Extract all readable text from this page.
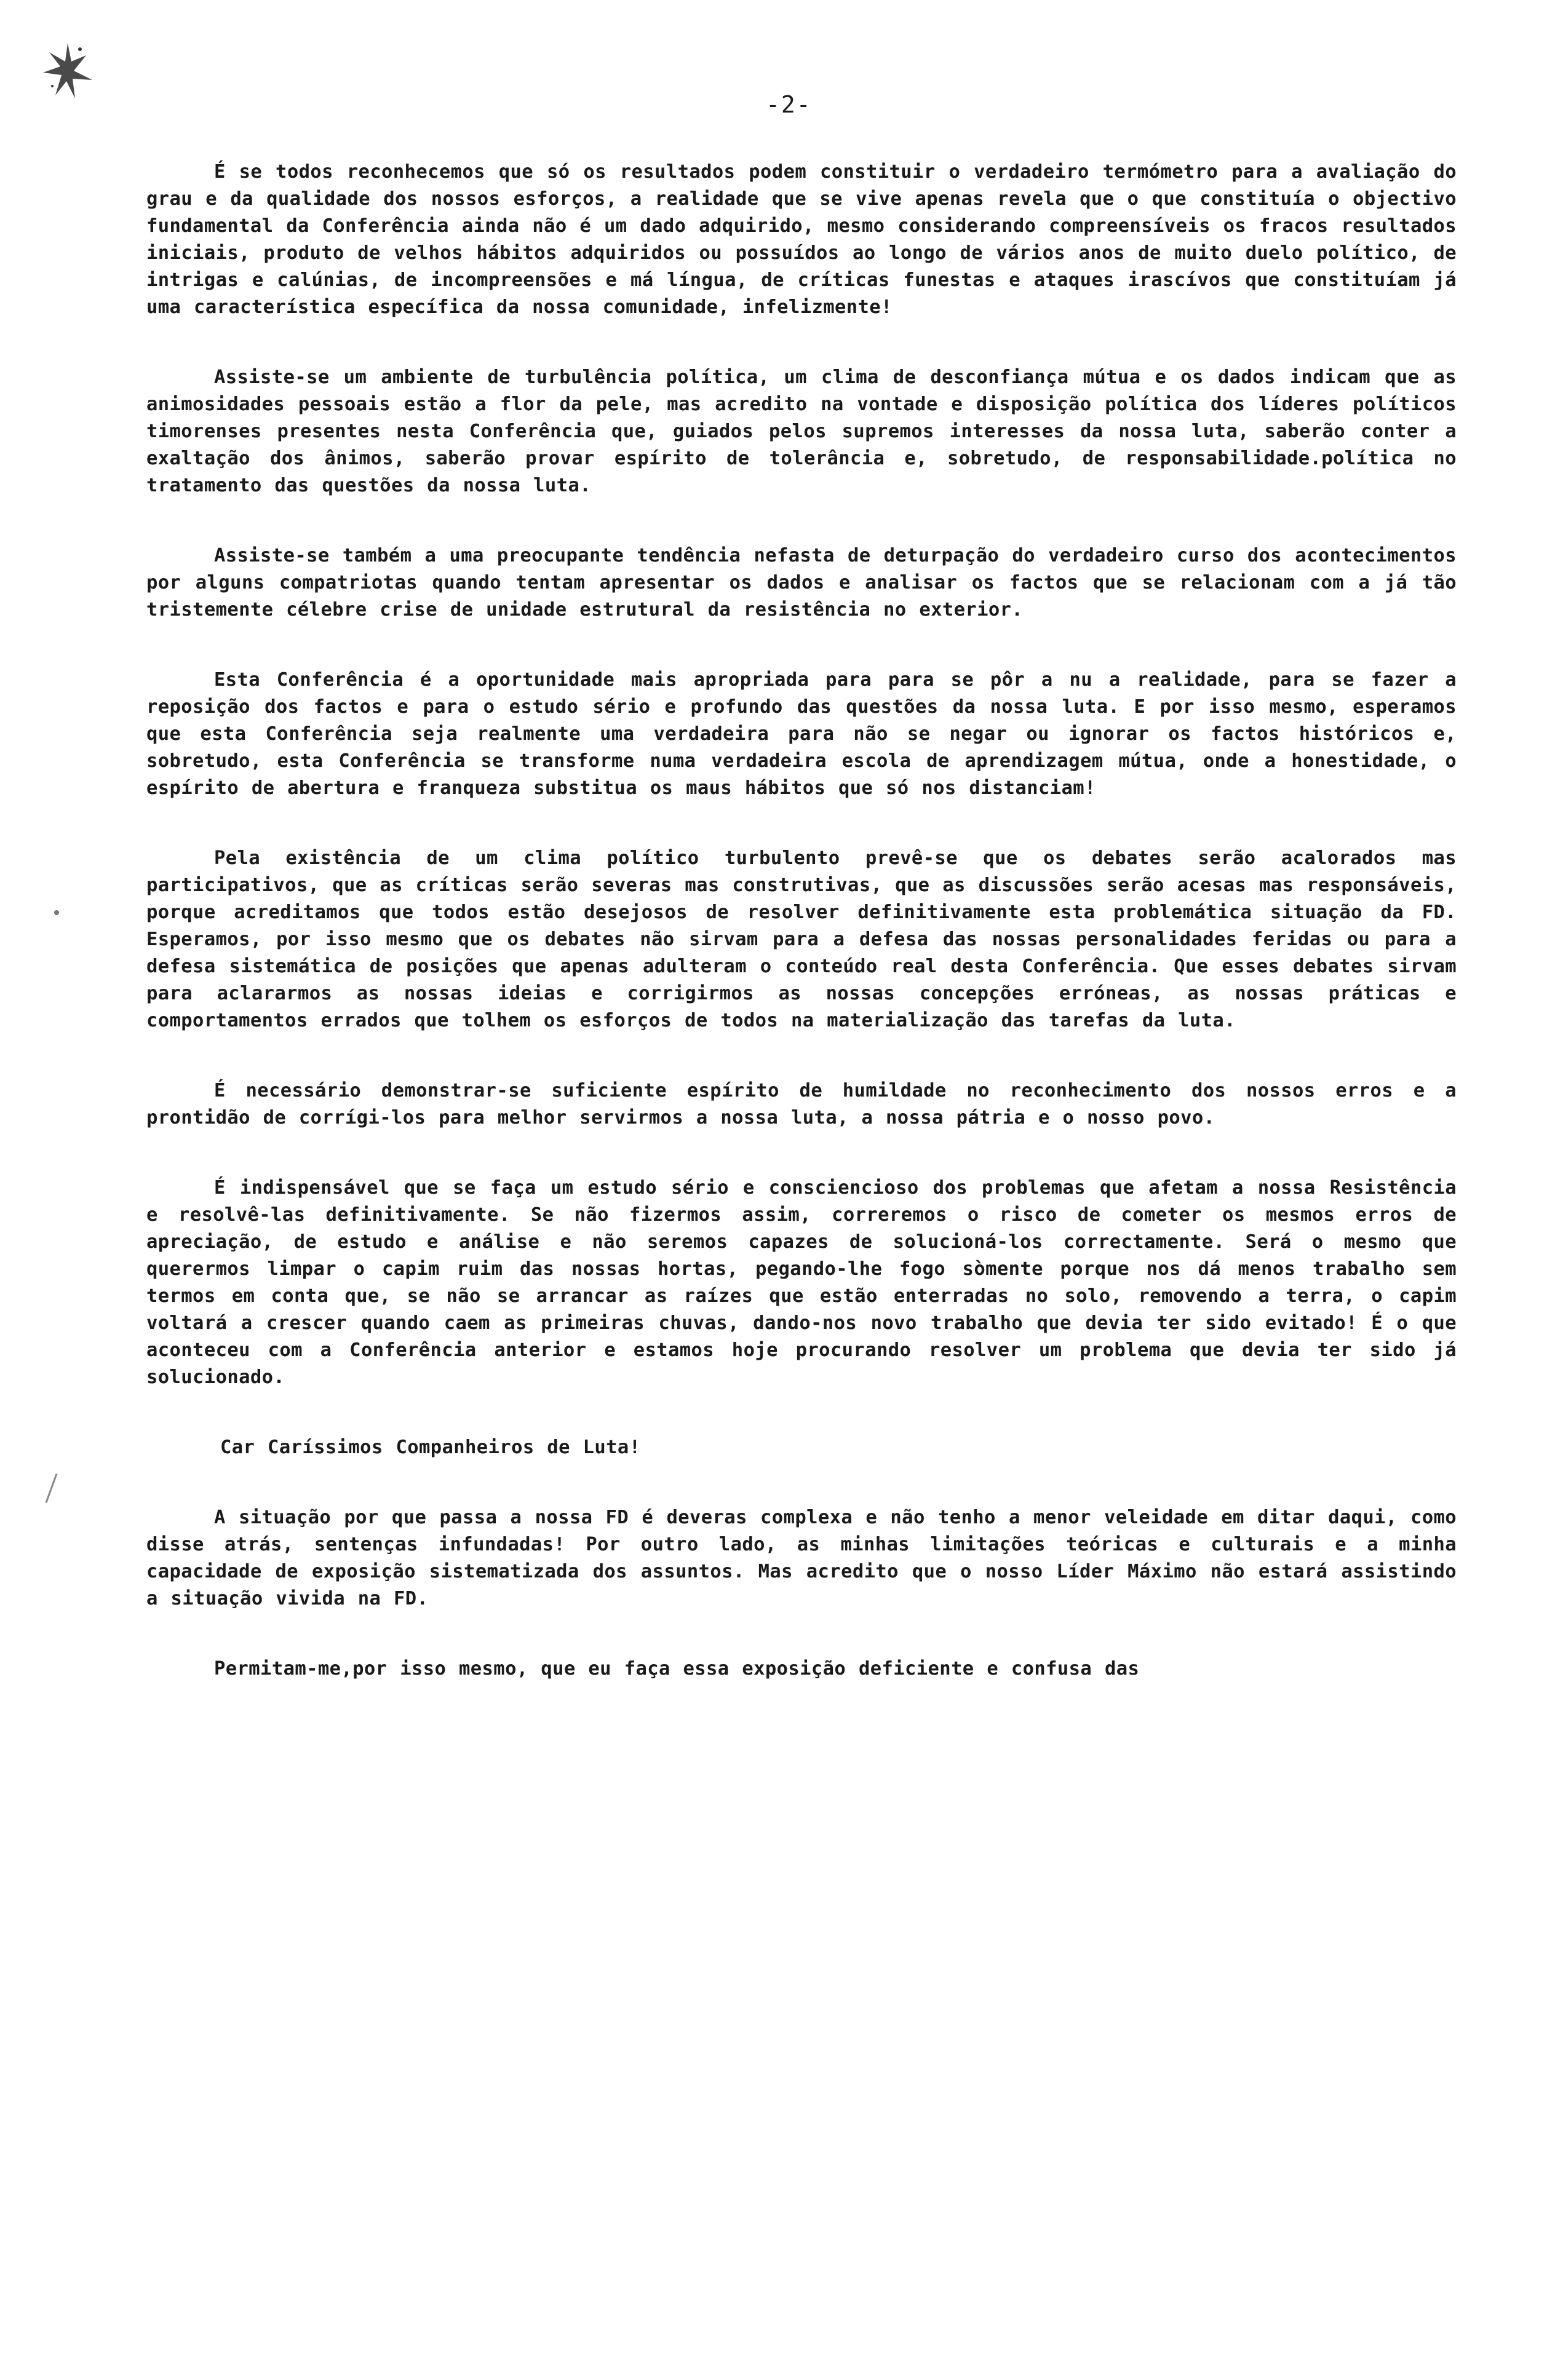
-2-

É se todos reconhecemos que só os resultados podem constituir o verdadeiro termómetro para a avaliação do grau e da qualidade dos nossos esforços, a realidade que se vive apenas revela que o que constituía o objectivo fundamental da Conferência ainda não é um dado adquirido, mesmo considerando compreensíveis os fracos resultados iniciais, produto de velhos hábitos adquiridos ou possuídos ao longo de vários anos de muito duelo político, de intrigas e calúnias, de incompreensões e má língua, de críticas funestas e ataques irascívos que constituíam já uma característica específica da nossa comunidade, infelizmente!

Assiste-se um ambiente de turbulência política, um clima de desconfiança mútua e os dados indicam que as animosidades pessoais estão a flor da pele, mas acredito na vontade e disposição política dos líderes políticos timorenses presentes nesta Conferência que, guiados pelos supremos interesses da nossa luta, saberão conter a exaltação dos ânimos, saberão provar espírito de tolerância e, sobretudo, de responsabilidade.política no tratamento das questões da nossa luta.

Assiste-se também a uma preocupante tendência nefasta de deturpação do verdadeiro curso dos acontecimentos por alguns compatriotas quando tentam apresentar os dados e analisar os factos que se relacionam com a já tão tristemente célebre crise de unidade estrutural da resistência no exterior.

Esta Conferência é a oportunidade mais apropriada para para se pôr a nu a realidade, para se fazer a reposição dos factos e para o estudo sério e profundo das questões da nossa luta. E por isso mesmo, esperamos que esta Conferência seja realmente uma verdadeira para não se negar ou ignorar os factos históricos e, sobretudo, esta Conferência se transforme numa verdadeira escola de aprendizagem mútua, onde a honestidade, o espírito de abertura e franqueza substitua os maus hábitos que só nos distanciam!

Pela existência de um clima político turbulento prevê-se que os debates serão acalorados mas participativos, que as críticas serão severas mas construtivas, que as discussões serão acesas mas responsáveis, porque acreditamos que todos estão desejosos de resolver definitivamente esta problemática situação da FD. Esperamos, por isso mesmo que os debates não sirvam para a defesa das nossas personalidades feridas ou para a defesa sistemática de posições que apenas adulteram o conteúdo real desta Conferência. Que esses debates sirvam para aclararmos as nossas ideias e corrigirmos as nossas concepções erróneas, as nossas práticas e comportamentos errados que tolhem os esforços de todos na materialização das tarefas da luta.

É necessário demonstrar-se suficiente espírito de humildade no reconhecimento dos nossos erros e a prontidão de corrígi-los para melhor servirmos a nossa luta, a nossa pátria e o nosso povo.

É indispensável que se faça um estudo sério e consciencioso dos problemas que afetam a nossa Resistência e resolvê-las definitivamente. Se não fizermos assim, correremos o risco de cometer os mesmos erros de apreciação, de estudo e análise e não seremos capazes de solucioná-los correctamente. Será o mesmo que querermos limpar o capim ruim das nossas hortas, pegando-lhe fogo sòmente porque nos dá menos trabalho sem termos em conta que, se não se arrancar as raízes que estão enterradas no solo, removendo a terra, o capim voltará a crescer quando caem as primeiras chuvas, dando-nos novo trabalho que devia ter sido evitado! É o que aconteceu com a Conferência anterior e estamos hoje procurando resolver um problema que devia ter sido já solucionado.

Car Caríssimos Companheiros de Luta!

A situação por que passa a nossa FD é deveras complexa e não tenho a menor veleidade em ditar daqui, como disse atrás, sentenças infundadas! Por outro lado, as minhas limitações teóricas e culturais e a minha capacidade de exposição sistematizada dos assuntos. Mas acredito que o nosso Líder Máximo não estará assistindo a situação vivida na FD.

Permitam-me,por isso mesmo, que eu faça essa exposição deficiente e confusa das
